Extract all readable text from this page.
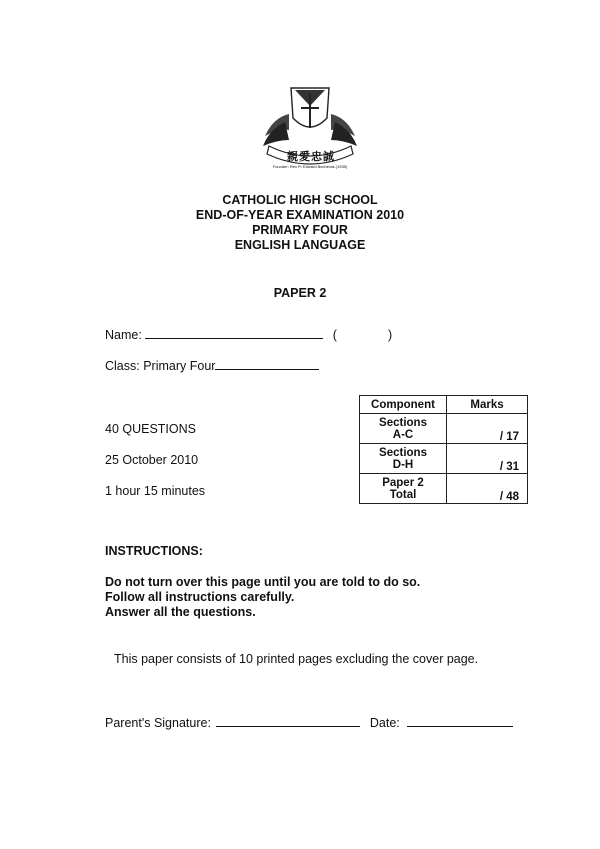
親愛忠誠
Founder: Rev Fr Edward Becheras (1935)
CATHOLIC HIGH SCHOOL
END-OF-YEAR EXAMINATION 2010
PRIMARY FOUR
ENGLISH LANGUAGE
PAPER 2
Name:	(	)
Class: Primary Four
40 QUESTIONS
25 October 2010
1 hour 15 minutes
Component	Marks

Sections
A-C	/ 17

Sections
D-H	/ 31

Paper 2
Total	/ 48
INSTRUCTIONS:
Do not turn over this page until you are told to do so.
Follow all instructions carefully.
Answer all the questions.
This paper consists of 10 printed pages excluding the cover page.
Parent's Signature:	Date:
